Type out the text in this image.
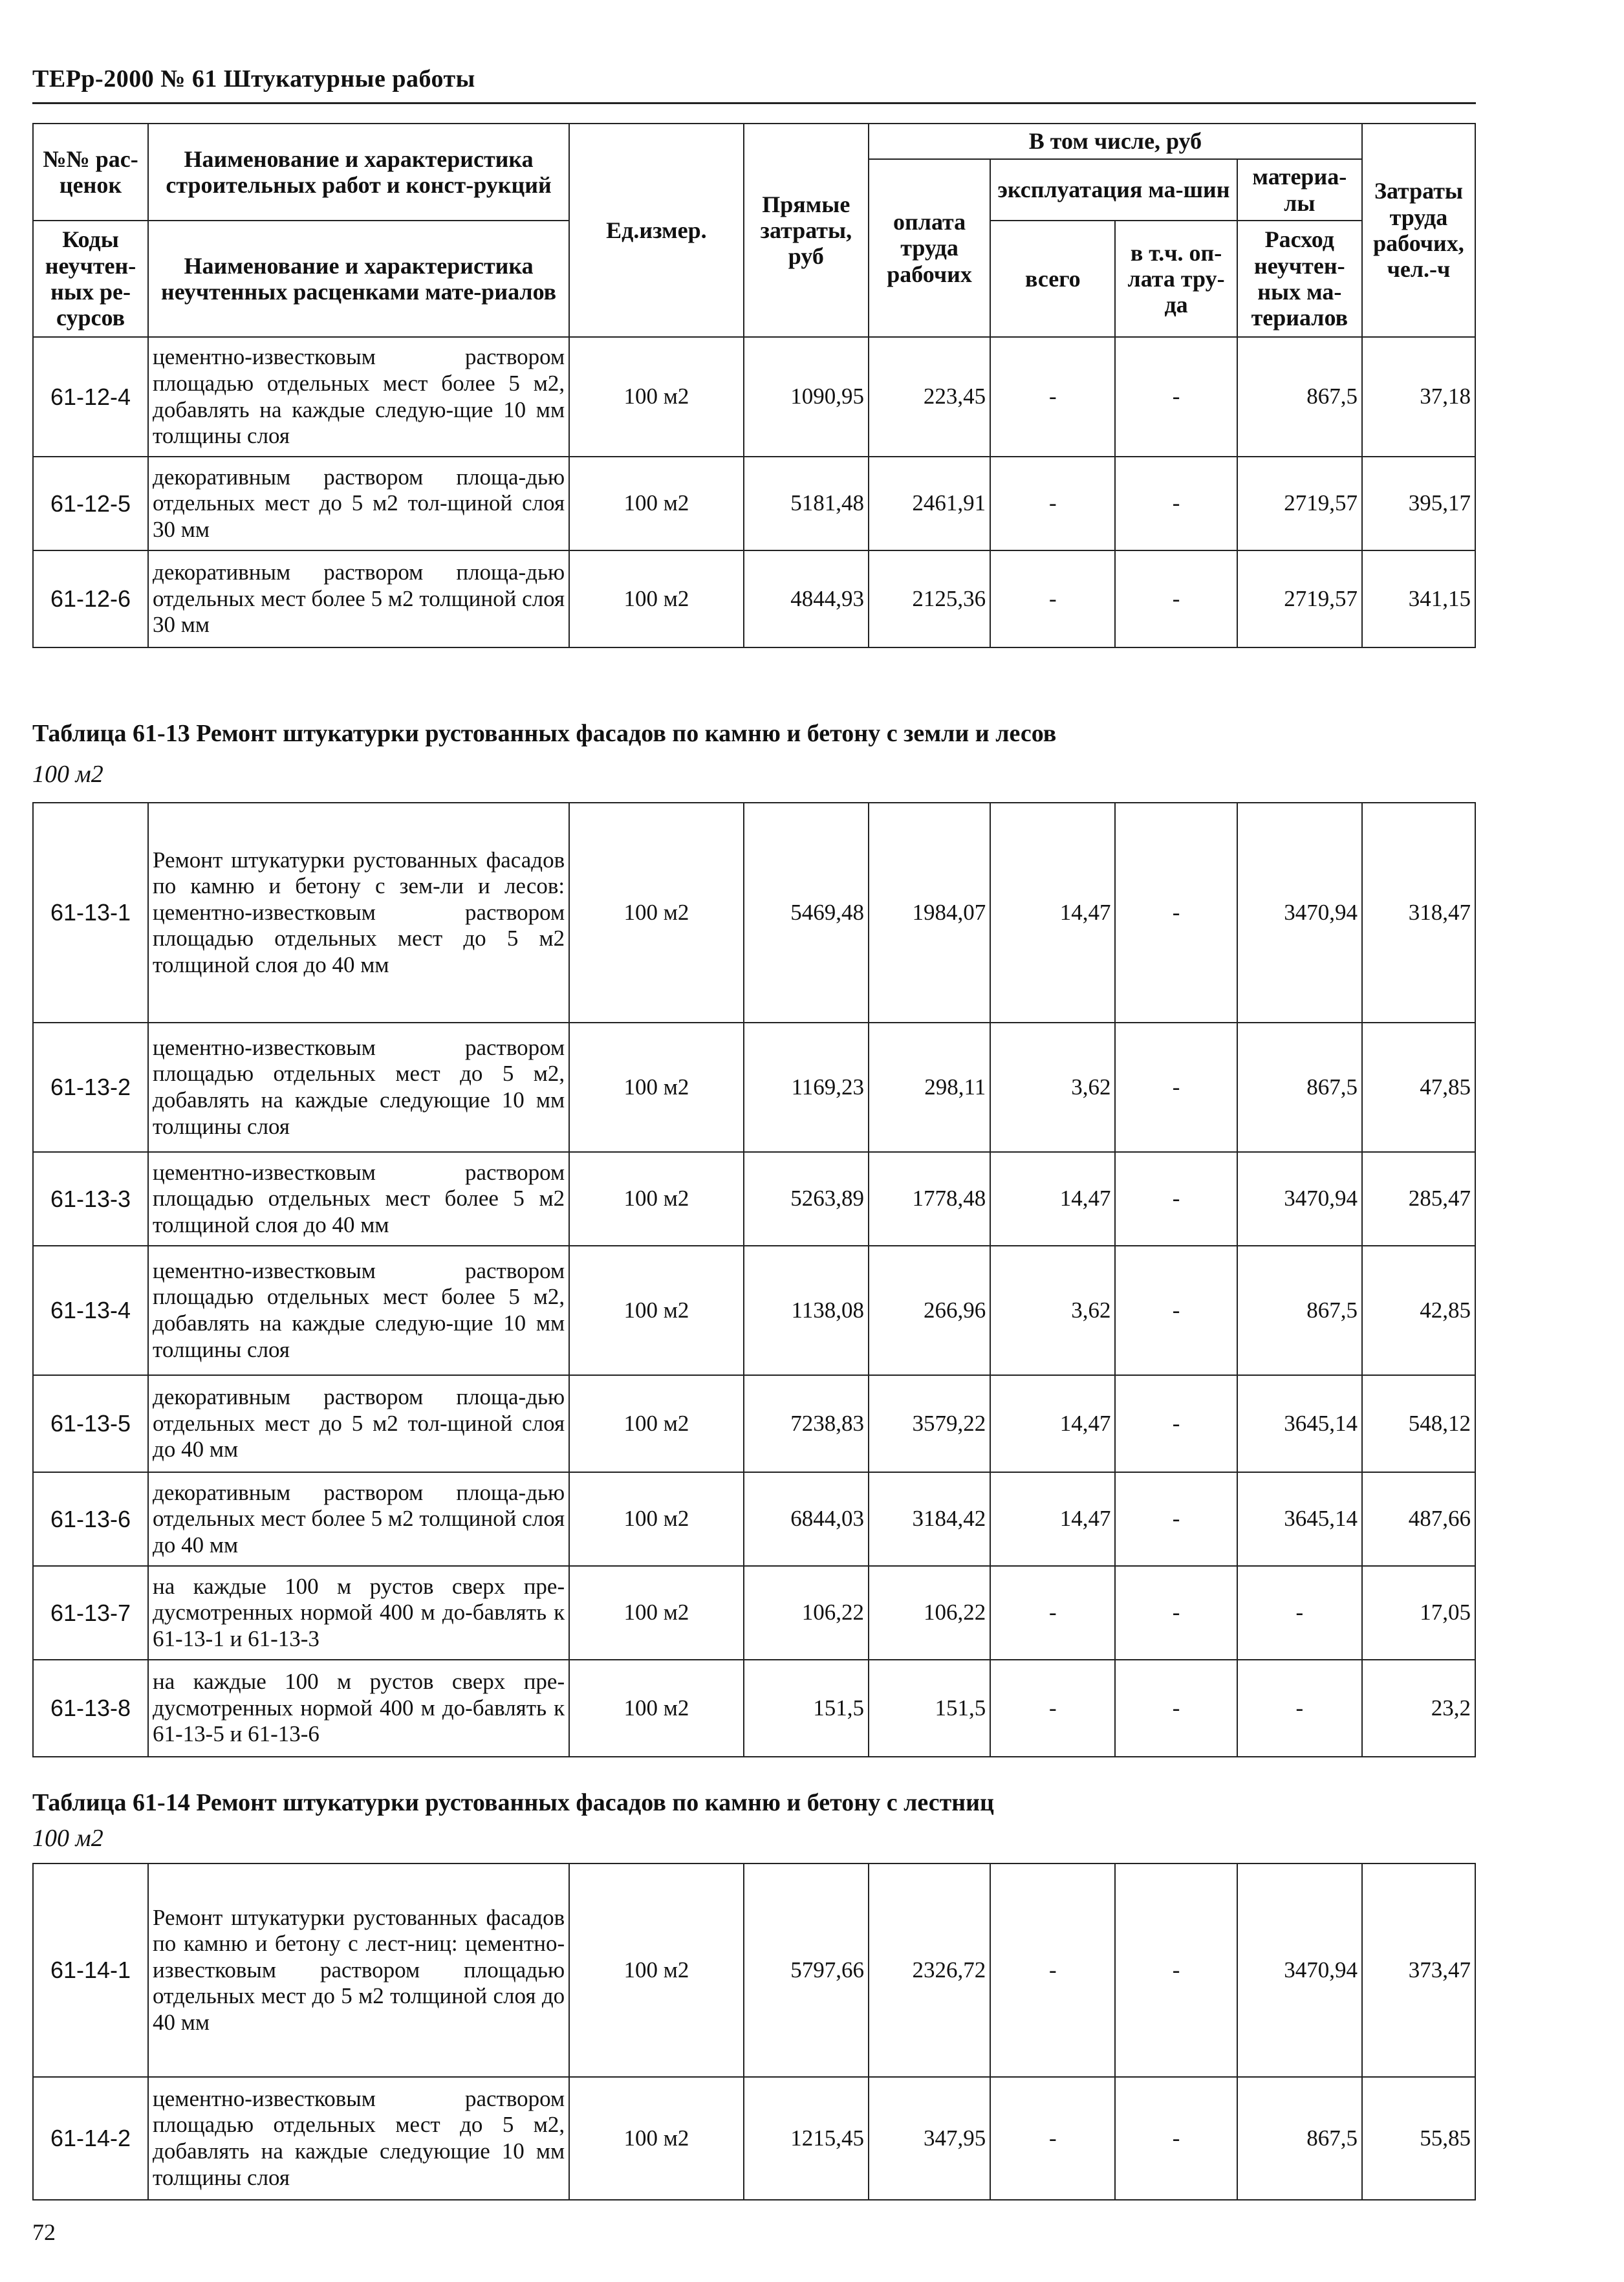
ТЕРр-2000 № 61 Штукатурные работы
№№ рас-ценок	Наименование и характеристика строительных работ и конст-рукций	Ед.измер.	Прямые затраты, руб	В том числе, руб				Затраты труда рабочих, чел.-ч
				оплата труда рабочих	эксплуатация ма-шин		материа-лы	

Коды неучтен-ных ре-сурсов	Наименование и характеристика неучтенных расценками мате-риалов				всего	в т.ч. оп-лата тру-да	Расход неучтен-ных ма-териалов	

61-12-4	цементно-известковым раствором площадью отдельных мест более 5 м2, добавлять на каждые следую-щие 10 мм толщины слоя	100 м2	1090,95	223,45	-	-	867,5	37,18
61-12-5	декоративным раствором площа-дью отдельных мест до 5 м2 тол-щиной слоя 30 мм	100 м2	5181,48	2461,91	-	-	2719,57	395,17
61-12-6	декоративным раствором площа-дью отдельных мест более 5 м2 толщиной слоя 30 мм	100 м2	4844,93	2125,36	-	-	2719,57	341,15
Таблица 61-13 Ремонт штукатурки рустованных фасадов по камню и бетону с земли и лесов
100 м2
61-13-1	Ремонт штукатурки рустованных фасадов по камню и бетону с зем-ли и лесов: цементно-известковым раствором площадью отдельных мест до 5 м2 толщиной слоя до 40 мм	100 м2	5469,48	1984,07	14,47	-	3470,94	318,47
61-13-2	цементно-известковым раствором площадью отдельных мест до 5 м2, добавлять на каждые следующие 10 мм толщины слоя	100 м2	1169,23	298,11	3,62	-	867,5	47,85
61-13-3	цементно-известковым раствором площадью отдельных мест более 5 м2 толщиной слоя до 40 мм	100 м2	5263,89	1778,48	14,47	-	3470,94	285,47
61-13-4	цементно-известковым раствором площадью отдельных мест более 5 м2, добавлять на каждые следую-щие 10 мм толщины слоя	100 м2	1138,08	266,96	3,62	-	867,5	42,85
61-13-5	декоративным раствором площа-дью отдельных мест до 5 м2 тол-щиной слоя до 40 мм	100 м2	7238,83	3579,22	14,47	-	3645,14	548,12
61-13-6	декоративным раствором площа-дью отдельных мест более 5 м2 толщиной слоя до 40 мм	100 м2	6844,03	3184,42	14,47	-	3645,14	487,66
61-13-7	на каждые 100 м рустов сверх пре-дусмотренных нормой 400 м до-бавлять к 61-13-1 и 61-13-3	100 м2	106,22	106,22	-	-	-	17,05
61-13-8	на каждые 100 м рустов сверх пре-дусмотренных нормой 400 м до-бавлять к 61-13-5 и 61-13-6	100 м2	151,5	151,5	-	-	-	23,2
Таблица 61-14 Ремонт штукатурки рустованных фасадов по камню и бетону с лестниц
100 м2
61-14-1	Ремонт штукатурки рустованных фасадов по камню и бетону с лест-ниц: цементно-известковым раствором площадью отдельных мест до 5 м2 толщиной слоя до 40 мм	100 м2	5797,66	2326,72	-	-	3470,94	373,47
61-14-2	цементно-известковым раствором площадью отдельных мест до 5 м2, добавлять на каждые следующие 10 мм толщины слоя	100 м2	1215,45	347,95	-	-	867,5	55,85
72
